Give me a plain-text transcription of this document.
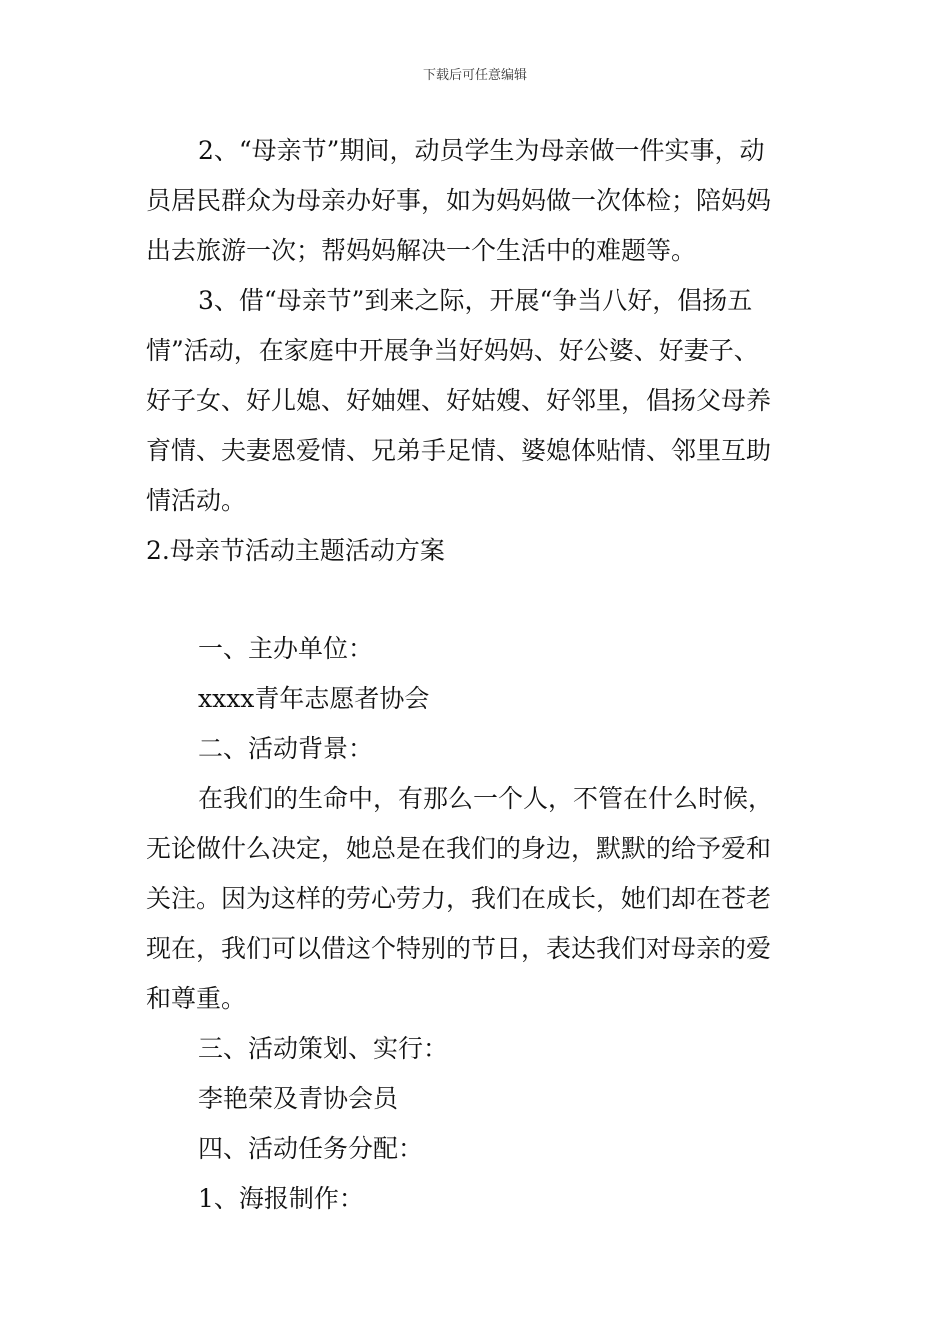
下载后可任意编辑
2、“母亲节”期间，动员学生为母亲做一件实事，动
员居民群众为母亲办好事，如为妈妈做一次体检；陪妈妈
出去旅游一次；帮妈妈解决一个生活中的难题等。
3、借“母亲节”到来之际，开展“争当八好，倡扬五
情”活动，在家庭中开展争当好妈妈、好公婆、好妻子、
好子女、好儿媳、好妯娌、好姑嫂、好邻里，倡扬父母养
育情、夫妻恩爱情、兄弟手足情、婆媳体贴情、邻里互助
情活动。
2.母亲节活动主题活动方案
一、主办单位：
xxxx青年志愿者协会
二、活动背景：
在我们的生命中，有那么一个人，不管在什么时候，
无论做什么决定，她总是在我们的身边，默默的给予爱和
关注。因为这样的劳心劳力，我们在成长，她们却在苍老
现在，我们可以借这个特别的节日，表达我们对母亲的爱
和尊重。
三、活动策划、实行：
李艳荣及青协会员
四、活动任务分配：
1、海报制作：
